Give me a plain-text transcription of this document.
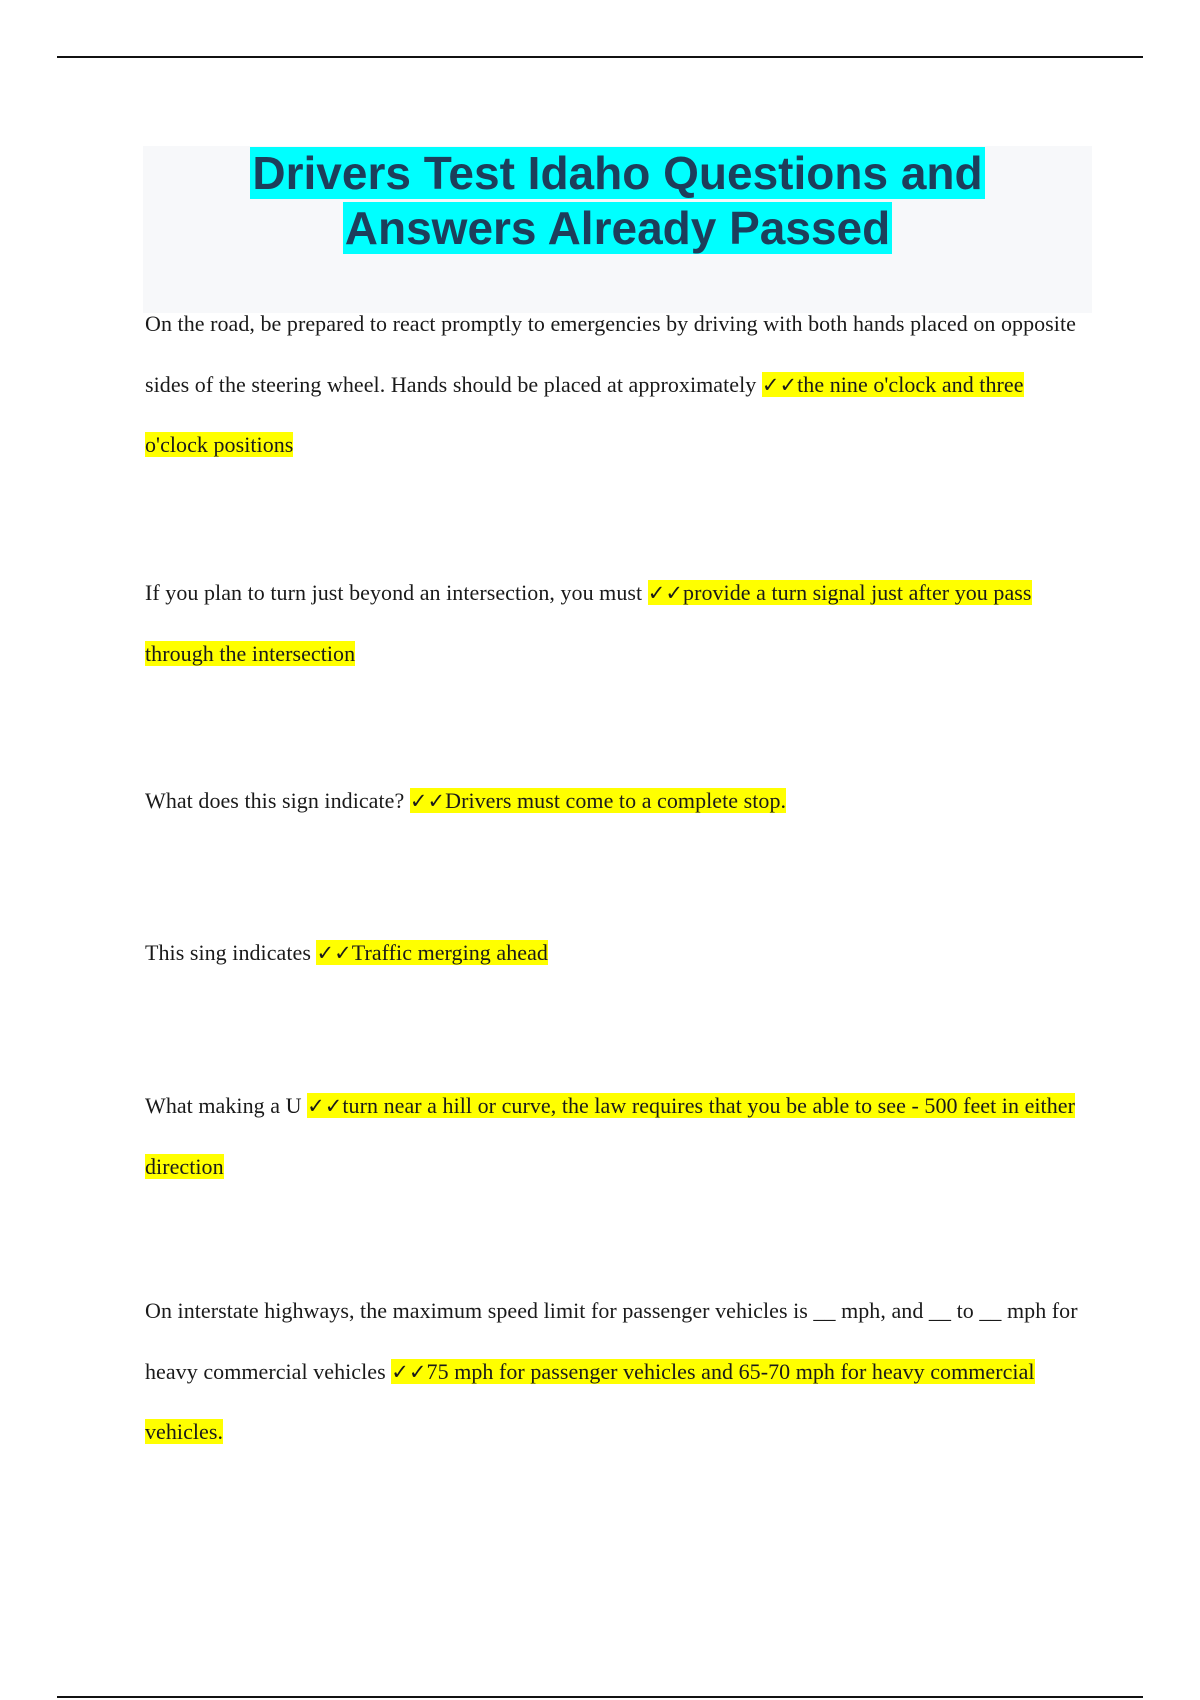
Drivers Test Idaho Questions and
Answers Already Passed

On the road, be prepared to react promptly to emergencies by driving with both hands placed on opposite sides of the steering wheel. Hands should be placed at approximately ✓✓the nine o'clock and three o'clock positions

If you plan to turn just beyond an intersection, you must ✓✓provide a turn signal just after you pass through the intersection

What does this sign indicate? ✓✓Drivers must come to a complete stop.

This sing indicates ✓✓Traffic merging ahead

What making a U ✓✓turn near a hill or curve, the law requires that you be able to see - 500 feet in either direction

On interstate highways, the maximum speed limit for passenger vehicles is __ mph, and __ to __ mph for heavy commercial vehicles ✓✓75 mph for passenger vehicles and 65-70 mph for heavy commercial vehicles.
